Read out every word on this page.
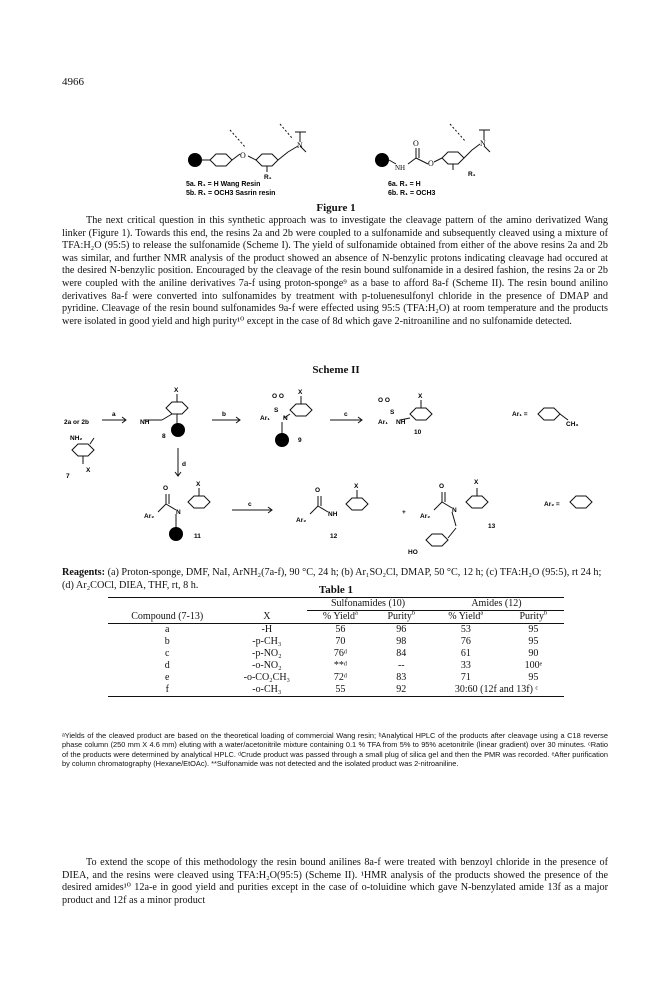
4966
O
N
R₁
5a. R₁ = H Wang Resin
5b. R₁ = OCH3 Sasrin resin
O
NH	O
N
R₁
6a. R₁ = H
6b. R₁ = OCH3
Figure 1
The next critical question in this synthetic approach was to investigate the cleavage pattern of the amino derivatized Wang linker (Figure 1). Towards this end, the resins 2a and 2b were coupled to a sulfonamide and subsequently cleaved using a mixture of TFA:H₂O (95:5) to release the sulfonamide (Scheme I). The yield of sulfonamide obtained from either of the above resins 2a and 2b was similar, and further NMR analysis of the product showed an absence of N-benzylic protons indicating cleavage had occured at the desired N-benzylic position. Encouraged by the cleavage of the resin bound sulfonamide in a desired fashion, the resins 2a or 2b were coupled with the aniline derivatives 7a-f using proton-sponge⁹ as a base to afford 8a-f (Scheme II). The resin bound anilino derivatives 8a-f were converted into sulfonamides by treatment with p-toluenesulfonyl chloride in the presence of DMAP and pyridine. Cleavage of the resin bound sulfonamides 9a-f were effected using 95:5 (TFA:H₂O) at room temperature and the products were isolated in good yield and high purity¹⁰ except in the case of 8d which gave 2-nitroaniline and no sulfonamide detected.
Scheme II
2a or 2b
a	b	c
d
c
NH
X
8
O O
Ar₁
S
N
X
9
O O
Ar₁
S
NH
X
10
Ar₁ =
CH₃
NH₂
X
7
O
Ar₂
N
X
11
O
Ar₂
NH
X
12
+
O
Ar₂
N
X
13
HO
Ar₂ =
Reagents: (a) Proton-sponge, DMF, NaI, ArNH₂(7a-f), 90 °C, 24 h; (b) Ar₁SO₂Cl, DMAP, 50 °C, 12 h; (c) TFA:H₂O (95:5), rt 24 h; (d) Ar₂COCl, DIEA, THF, rt, 8 h.	Table 1
		Sulfonamides (10)		Amides (12)	
Compound (7-13)	X	% Yield$^a$	Purity$^b$	% Yield$^a$	Purity$^b$
a	-H	56	96	53	95
b	-p-CH₃	70	98	76	95
c	-p-NO₂	76ᵈ	84	61	90
d	-o-NO₂	**ᵈ	--	33	100ᵉ
e	-o-CO₂CH₃	72ᵈ	83	71	95
f	-o-CH₃	55	92	30:60 (12f and 13f) ᶜ	
ᵃYields of the cleaved product are based on the theoretical loading of commercial Wang resin; ᵇAnalytical HPLC of the products after cleavage using a C18 reverse phase column (250 mm X 4.6 mm) eluting with a water/acetonitrile mixture containing 0.1 % TFA from 5% to 95% acetonitrile (linear gradient) over 30 minutes. ᶜRatio of the products were determined by analytical HPLC. ᵈCrude product was passed through a small plug of silica gel and then the PMR was recorded. ᵉAfter purification by column chromatography (Hexane/EtOAc). **Sulfonamide was not detected and the isolated product was 2-nitroaniline.
To extend the scope of this methodology the resin bound anilines 8a-f were treated with benzoyl chloride in the presence of DIEA, and the resins were cleaved using TFA:H₂O(95:5) (Scheme II). ¹HMR analysis of the products showed the presence of the desired amides¹⁰ 12a-e in good yield and purities except in the case of o-toluidine which gave N-benzylated amide 13f as a major product and 12f as a minor product
